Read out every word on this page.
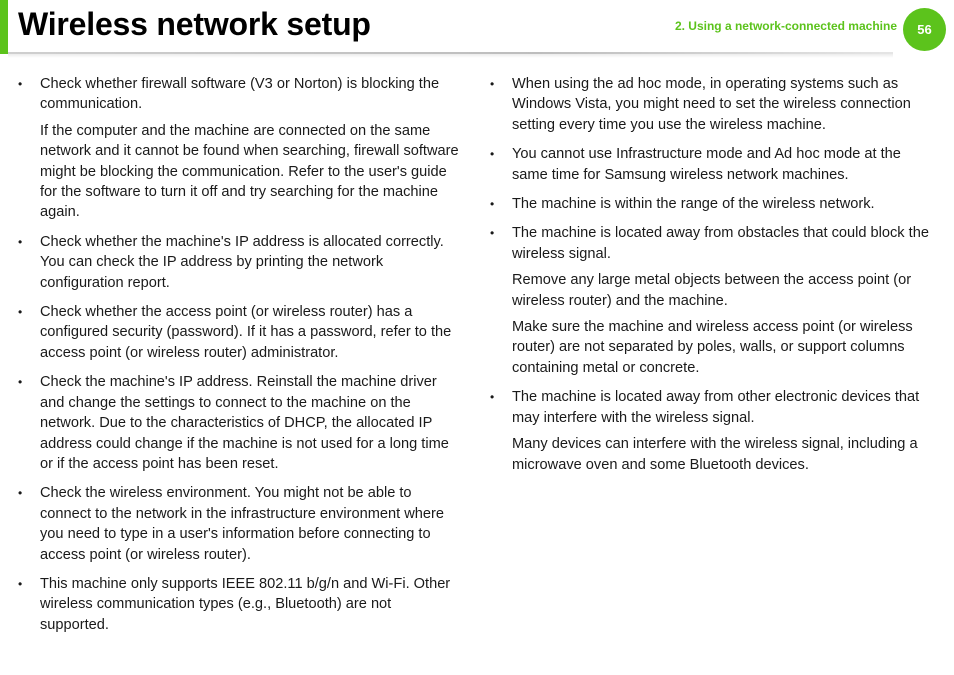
Wireless network setup	2. Using a network-connected machine	56
•	Check whether firewall software (V3 or Norton) is blocking the communication.
If the computer and the machine are connected on the same network and it cannot be found when searching, firewall software might be blocking the communication. Refer to the user's guide for the software to turn it off and try searching for the machine again.
•	Check whether the machine's IP address is allocated correctly. You can check the IP address by printing the network configuration report.
•	Check whether the access point (or wireless router) has a configured security (password). If it has a password, refer to the access point (or wireless router) administrator.
•	Check the machine's IP address. Reinstall the machine driver and change the settings to connect to the machine on the network. Due to the characteristics of DHCP, the allocated IP address could change if the machine is not used for a long time or if the access point has been reset.
•	Check the wireless environment. You might not be able to connect to the network in the infrastructure environment where you need to type in a user's information before connecting to access point (or wireless router).
•	This machine only supports IEEE 802.11 b/g/n and Wi-Fi. Other wireless communication types (e.g., Bluetooth) are not supported.
•	When using the ad hoc mode, in operating systems such as Windows Vista, you might need to set the wireless connection setting every time you use the wireless machine.
•	You cannot use Infrastructure mode and Ad hoc mode at the same time for Samsung wireless network machines.
•	The machine is within the range of the wireless network.
•	The machine is located away from obstacles that could block the wireless signal.
Remove any large metal objects between the access point (or wireless router) and the machine.
Make sure the machine and wireless access point (or wireless router) are not separated by poles, walls, or support columns containing metal or concrete.
•	The machine is located away from other electronic devices that may interfere with the wireless signal.
Many devices can interfere with the wireless signal, including a microwave oven and some Bluetooth devices.
